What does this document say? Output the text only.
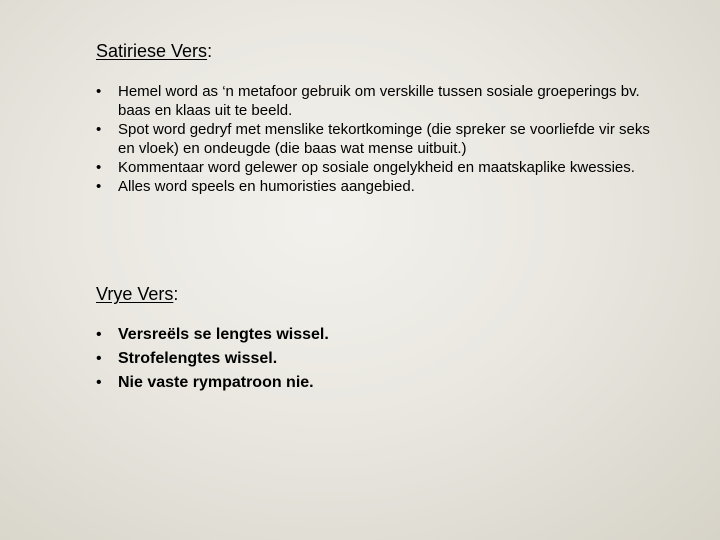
Satiriese Vers:
• Hemel word as ‘n metafoor gebruik om verskille tussen sosiale groeperings bv. baas en klaas uit te beeld.
• Spot word gedryf met menslike tekortkominge (die spreker se voorliefde vir seks en vloek) en ondeugde (die baas wat mense uitbuit.)
• Kommentaar word gelewer op sosiale ongelykheid en maatskaplike kwessies.
• Alles word speels en humoristies aangebied.
Vrye Vers:
• Versreëls se lengtes wissel.
• Strofelengtes wissel.
• Nie vaste rympatroon nie.
